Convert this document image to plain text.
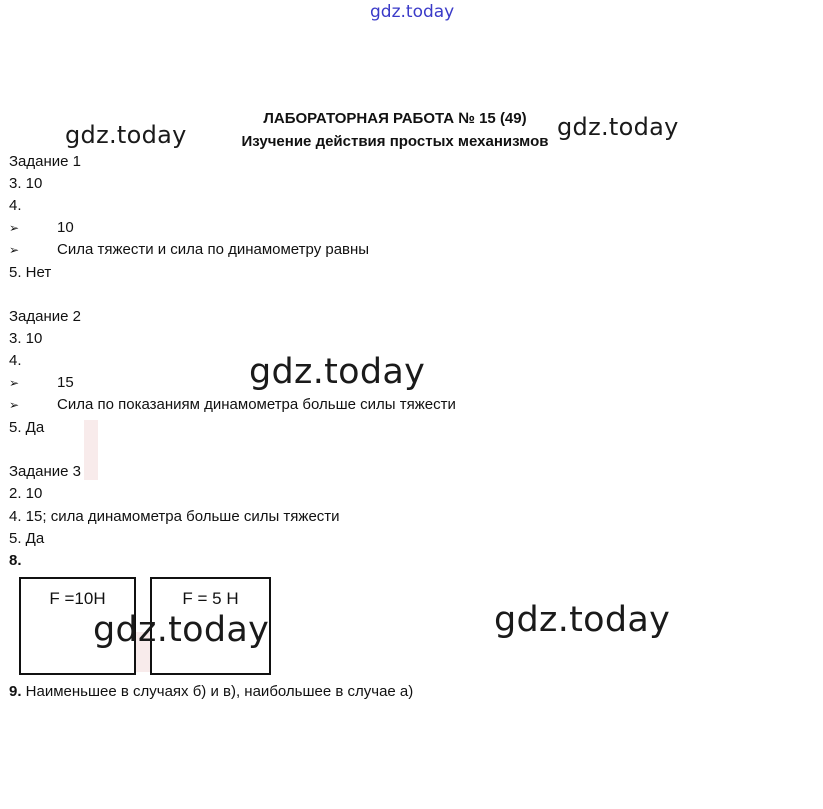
gdz.today
ЛАБОРАТОРНАЯ РАБОТА № 15 (49)
Изучение действия простых механизмов
gdz.today	gdz.today
Задание 1
3. 10
4.
➢	10
➢	Сила тяжести и сила по динамометру равны
5. Нет
Задание 2
3. 10
4.
➢	15
➢	Сила по показаниям динамометра больше силы тяжести
5. Да
gdz.today
Задание 3
2. 10
4. 15; сила динамометра больше силы тяжести
5. Да
8.
F =10Н	F = 5 Н
gdz.today	gdz.today
9. Наименьшее в случаях б) и в), наибольшее в случае а)
